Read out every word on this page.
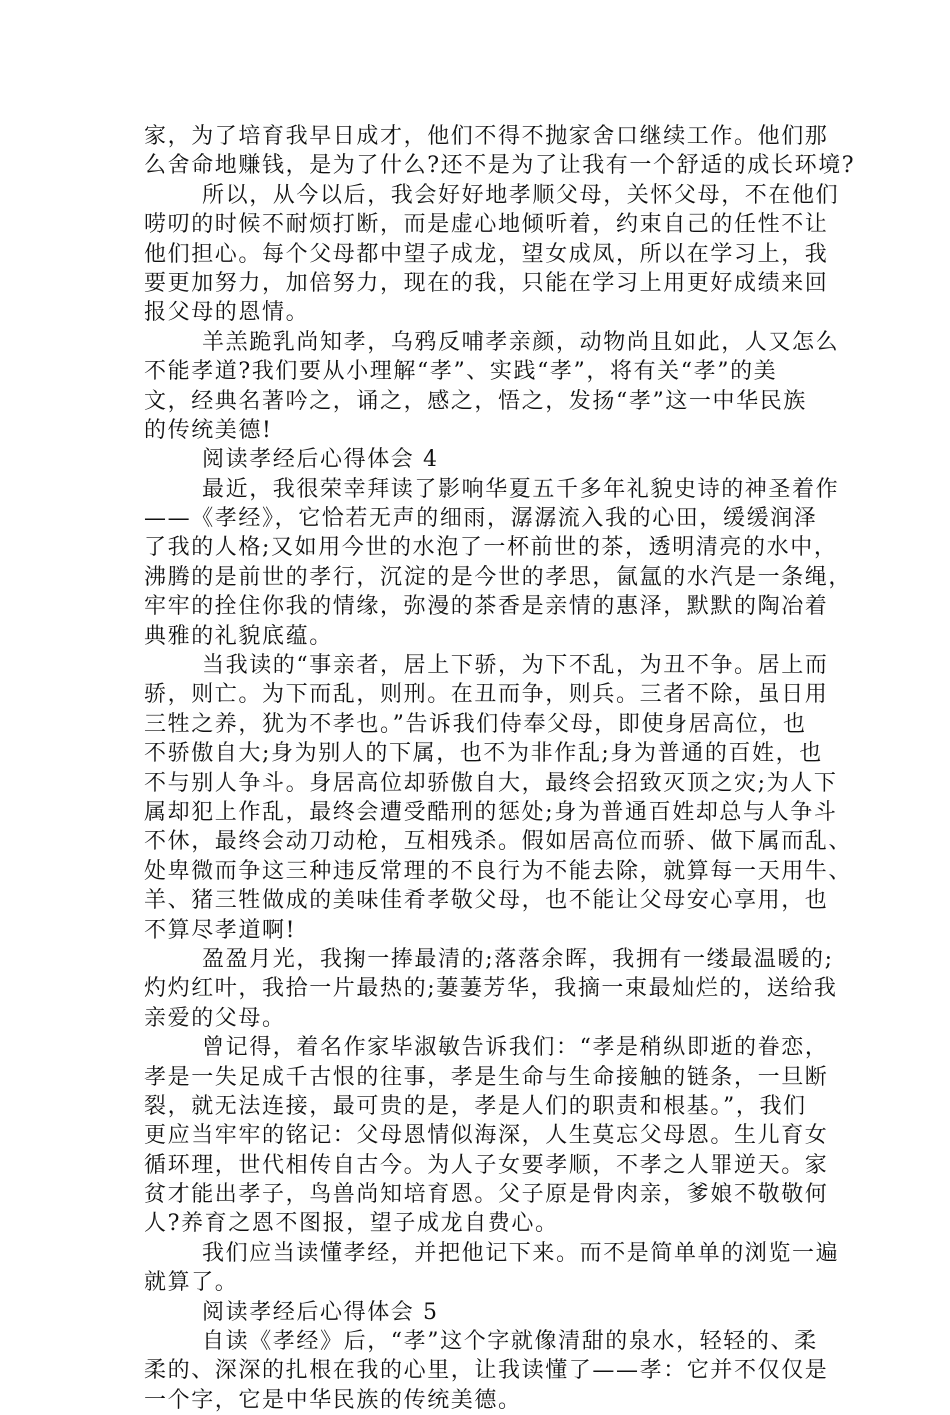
家，为了培育我早日成才，他们不得不抛家舍口继续工作。他们那
么舍命地赚钱，是为了什么?还不是为了让我有一个舒适的成长环境?
所以，从今以后，我会好好地孝顺父母，关怀父母，不在他们
唠叨的时候不耐烦打断，而是虚心地倾听着，约束自己的任性不让
他们担心。每个父母都中望子成龙，望女成凤，所以在学习上，我
要更加努力，加倍努力，现在的我，只能在学习上用更好成绩来回
报父母的恩情。
羊羔跪乳尚知孝，乌鸦反哺孝亲颜，动物尚且如此，人又怎么
不能孝道?我们要从小理解“孝”、实践“孝”，将有关“孝”的美
文，经典名著吟之，诵之，感之，悟之，发扬“孝”这一中华民族
的传统美德!
阅读孝经后心得体会 4
最近，我很荣幸拜读了影响华夏五千多年礼貌史诗的神圣着作
——《孝经》，它恰若无声的细雨，潺潺流入我的心田，缓缓润泽
了我的人格;又如用今世的水泡了一杯前世的茶，透明清亮的水中，
沸腾的是前世的孝行，沉淀的是今世的孝思，氤氲的水汽是一条绳，
牢牢的拴住你我的情缘，弥漫的茶香是亲情的惠泽，默默的陶冶着
典雅的礼貌底蕴。
当我读的“事亲者，居上下骄，为下不乱，为丑不争。居上而
骄，则亡。为下而乱，则刑。在丑而争，则兵。三者不除，虽日用
三牲之养，犹为不孝也。”告诉我们侍奉父母，即使身居高位，也
不骄傲自大;身为别人的下属，也不为非作乱;身为普通的百姓，也
不与别人争斗。身居高位却骄傲自大，最终会招致灭顶之灾;为人下
属却犯上作乱，最终会遭受酷刑的惩处;身为普通百姓却总与人争斗
不休，最终会动刀动枪，互相残杀。假如居高位而骄、做下属而乱、
处卑微而争这三种违反常理的不良行为不能去除，就算每一天用牛、
羊、猪三牲做成的美味佳肴孝敬父母，也不能让父母安心享用，也
不算尽孝道啊!
盈盈月光，我掬一捧最清的;落落余晖，我拥有一缕最温暖的;
灼灼红叶，我拾一片最热的;萋萋芳华，我摘一束最灿烂的，送给我
亲爱的父母。
曾记得，着名作家毕淑敏告诉我们：“孝是稍纵即逝的眷恋，
孝是一失足成千古恨的往事，孝是生命与生命接触的链条，一旦断
裂，就无法连接，最可贵的是，孝是人们的职责和根基。”，我们
更应当牢牢的铭记：父母恩情似海深，人生莫忘父母恩。生儿育女
循环理，世代相传自古今。为人子女要孝顺，不孝之人罪逆天。家
贫才能出孝子，鸟兽尚知培育恩。父子原是骨肉亲，爹娘不敬敬何
人?养育之恩不图报，望子成龙自费心。
我们应当读懂孝经，并把他记下来。而不是简单单的浏览一遍
就算了。
阅读孝经后心得体会 5
自读《孝经》后，“孝”这个字就像清甜的泉水，轻轻的、柔
柔的、深深的扎根在我的心里，让我读懂了——孝：它并不仅仅是
一个字，它是中华民族的传统美德。
